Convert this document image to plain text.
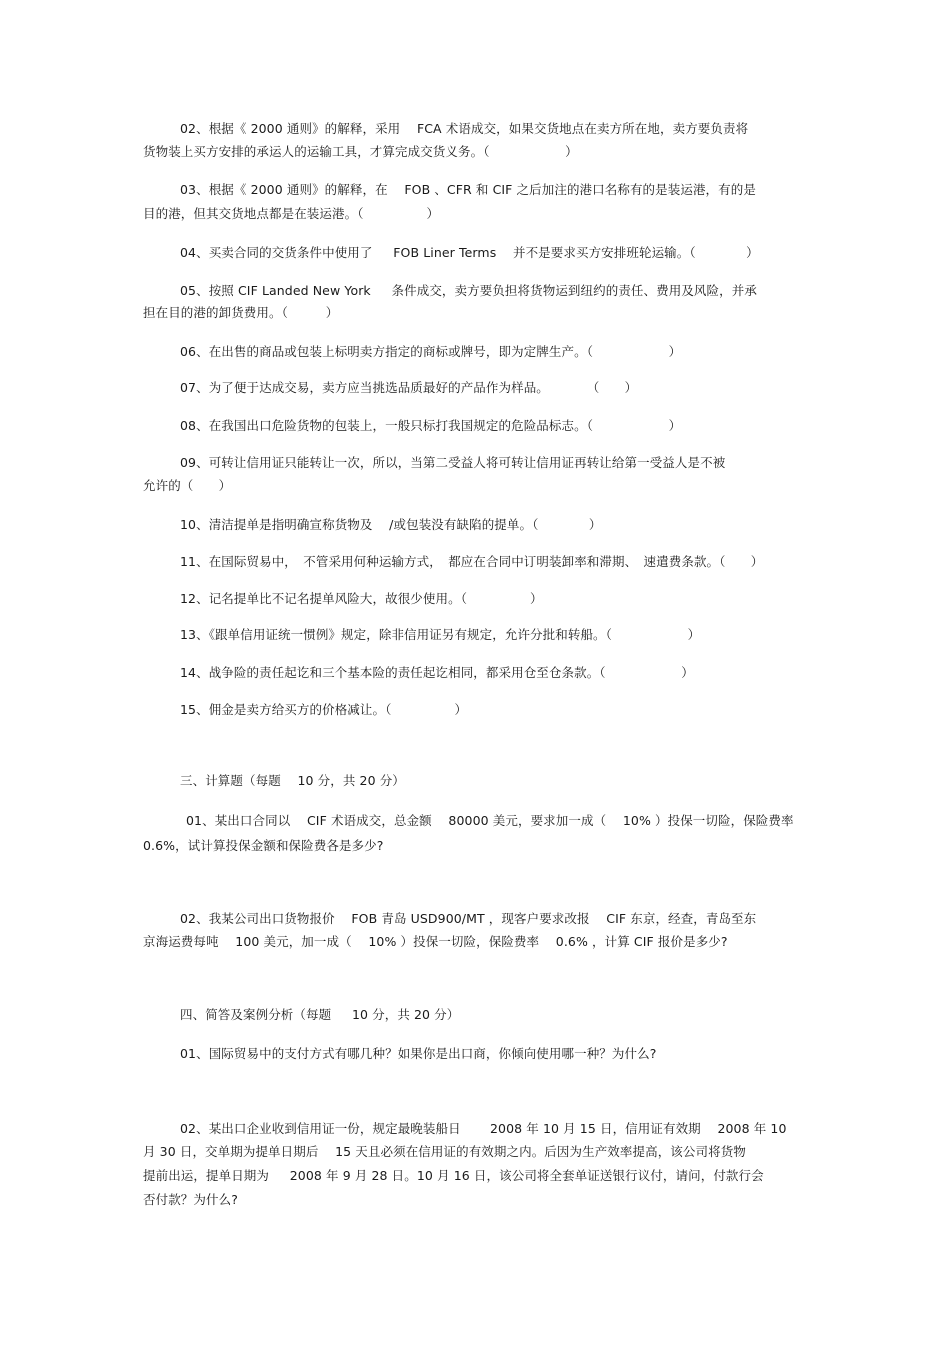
02、根据《 2000 通则》的解释，采用 　FCA 术语成交，如果交货地点在卖方所在地，卖方要负责将
货物装上买方安排的承运人的运输工具，才算完成交货义务。（　　　　　　）
03、根据《 2000 通则》的解释，在 　FOB 、CFR 和 CIF 之后加注的港口名称有的是装运港，有的是
目的港，但其交货地点都是在装运港。（　　　　　）
04、买卖合同的交货条件中使用了 　 FOB Liner Terms 　并不是要求买方安排班轮运输。（　　　　）
05、按照 CIF Landed New York 　 条件成交，卖方要负担将货物运到纽约的责任、费用及风险，并承
担在目的港的卸货费用。（　　　）
06、在出售的商品或包装上标明卖方指定的商标或牌号，即为定牌生产。（　　　　　　）
07、为了便于达成交易，卖方应当挑选品质最好的产品作为样品。　　　　（　　）
08、在我国出口危险货物的包装上，一般只标打我国规定的危险品标志。（　　　　　　）
09、可转让信用证只能转让一次，所以，当第二受益人将可转让信用证再转让给第一受益人是不被
允许的（　　）
10、清洁提单是指明确宣称货物及　 /或包装没有缺陷的提单。（　　　　）
11、在国际贸易中，　不管采用何种运输方式，　都应在合同中订明装卸率和滞期、　速遣费条款。（　　）
12、记名提单比不记名提单风险大，故很少使用。（　　　　　）
13、《跟单信用证统一惯例》规定，除非信用证另有规定，允许分批和转船。（　　　　　　）
14、战争险的责任起讫和三个基本险的责任起讫相同，都采用仓至仓条款。（　　　　　　）
15、佣金是卖方给买方的价格减让。（　　　　　）
三、计算题（每题 　10 分，共 20 分）
01、某出口合同以 　CIF 术语成交，总金额 　80000 美元，要求加一成（ 　10% ）投保一切险，保险费率
0.6%，试计算投保金额和保险费各是多少?
02、我某公司出口货物报价 　FOB 青岛 USD900/MT ，现客户要求改报 　CIF 东京，经查，青岛至东
京海运费每吨 　100 美元，加一成（ 　10% ）投保一切险，保险费率 　0.6% ，计算 CIF 报价是多少?
四、简答及案例分析（每题 　 10 分，共 20 分）
01、国际贸易中的支付方式有哪几种？如果你是出口商，你倾向使用哪一种？为什么?
02、某出口企业收到信用证一份，规定最晚装船日　　 2008 年 10 月 15 日，信用证有效期 　2008 年 10
月 30 日，交单期为提单日期后　 15 天且必须在信用证的有效期之内。后因为生产效率提高，该公司将货物
提前出运，提单日期为 　 2008 年 9 月 28 日。10 月 16 日，该公司将全套单证送银行议付，请问，付款行会
否付款？为什么?
